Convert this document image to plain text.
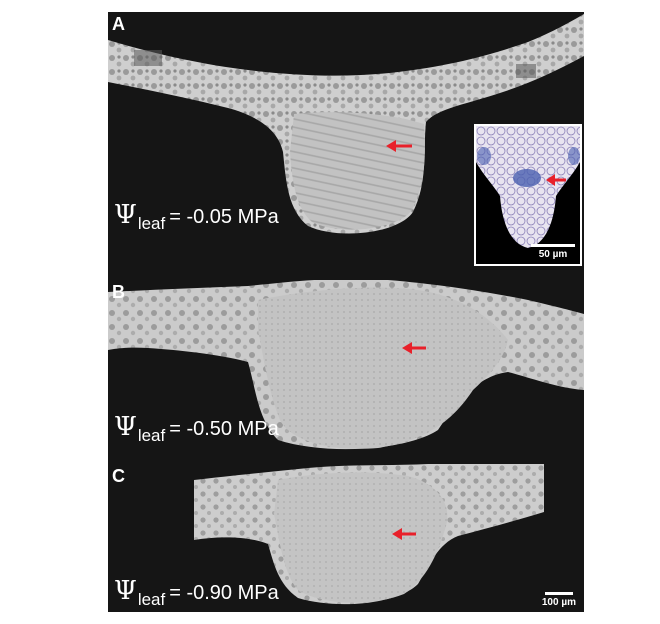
A
$\Psi_{leaf} = -0.05$ MPa
50 µm
B
$\Psi_{leaf} = -0.50$ MPa
C
$\Psi_{leaf} = -0.90$ MPa	100 µm
